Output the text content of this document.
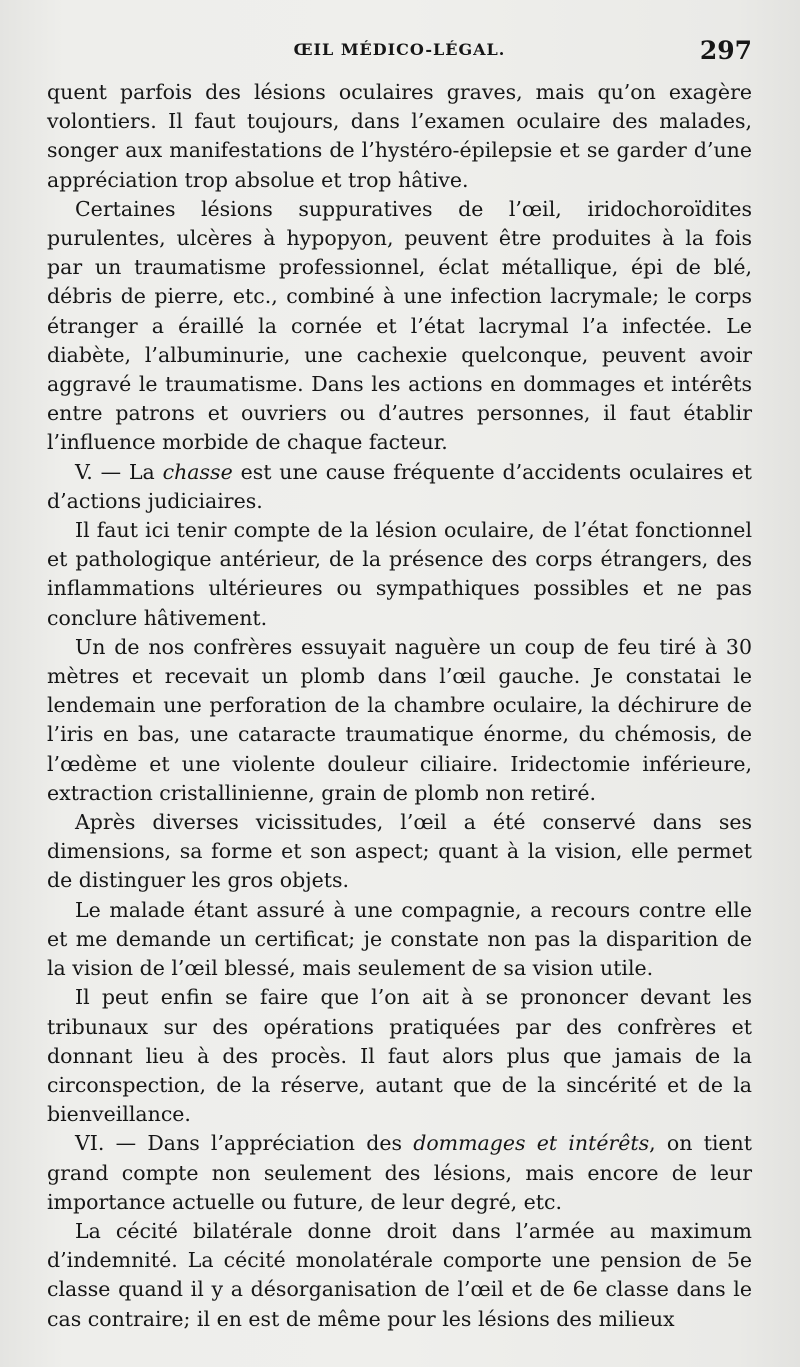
ŒIL MÉDICO-LÉGAL.	297

quent parfois des lésions oculaires graves, mais qu’on exagère volontiers. Il faut toujours, dans l’examen oculaire des malades, songer aux manifestations de l’hystéro-épilepsie et se garder d’une appréciation trop absolue et trop hâtive.

Certaines lésions suppuratives de l’œil, iridochoroïdites purulentes, ulcères à hypopyon, peuvent être produites à la fois par un traumatisme professionnel, éclat métallique, épi de blé, débris de pierre, etc., combiné à une infection lacrymale; le corps étranger a éraillé la cornée et l’état lacrymal l’a infectée. Le diabète, l’albuminurie, une cachexie quelconque, peuvent avoir aggravé le traumatisme. Dans les actions en dommages et intérêts entre patrons et ouvriers ou d’autres personnes, il faut établir l’influence morbide de chaque facteur.

V. — La chasse est une cause fréquente d’accidents oculaires et d’actions judiciaires.

Il faut ici tenir compte de la lésion oculaire, de l’état fonctionnel et pathologique antérieur, de la présence des corps étrangers, des inflammations ultérieures ou sympathiques possibles et ne pas conclure hâtivement.

Un de nos confrères essuyait naguère un coup de feu tiré à 30 mètres et recevait un plomb dans l’œil gauche. Je constatai le lendemain une perforation de la chambre oculaire, la déchirure de l’iris en bas, une cataracte traumatique énorme, du chémosis, de l’œdème et une violente douleur ciliaire. Iridectomie inférieure, extraction cristallinienne, grain de plomb non retiré.

Après diverses vicissitudes, l’œil a été conservé dans ses dimensions, sa forme et son aspect; quant à la vision, elle permet de distinguer les gros objets.

Le malade étant assuré à une compagnie, a recours contre elle et me demande un certificat; je constate non pas la disparition de la vision de l’œil blessé, mais seulement de sa vision utile.

Il peut enfin se faire que l’on ait à se prononcer devant les tribunaux sur des opérations pratiquées par des confrères et donnant lieu à des procès. Il faut alors plus que jamais de la circonspection, de la réserve, autant que de la sincérité et de la bienveillance.

VI. — Dans l’appréciation des dommages et intérêts, on tient grand compte non seulement des lésions, mais encore de leur importance actuelle ou future, de leur degré, etc.

La cécité bilatérale donne droit dans l’armée au maximum d’indemnité. La cécité monolatérale comporte une pension de 5e classe quand il y a désorganisation de l’œil et de 6e classe dans le cas contraire; il en est de même pour les lésions des milieux
